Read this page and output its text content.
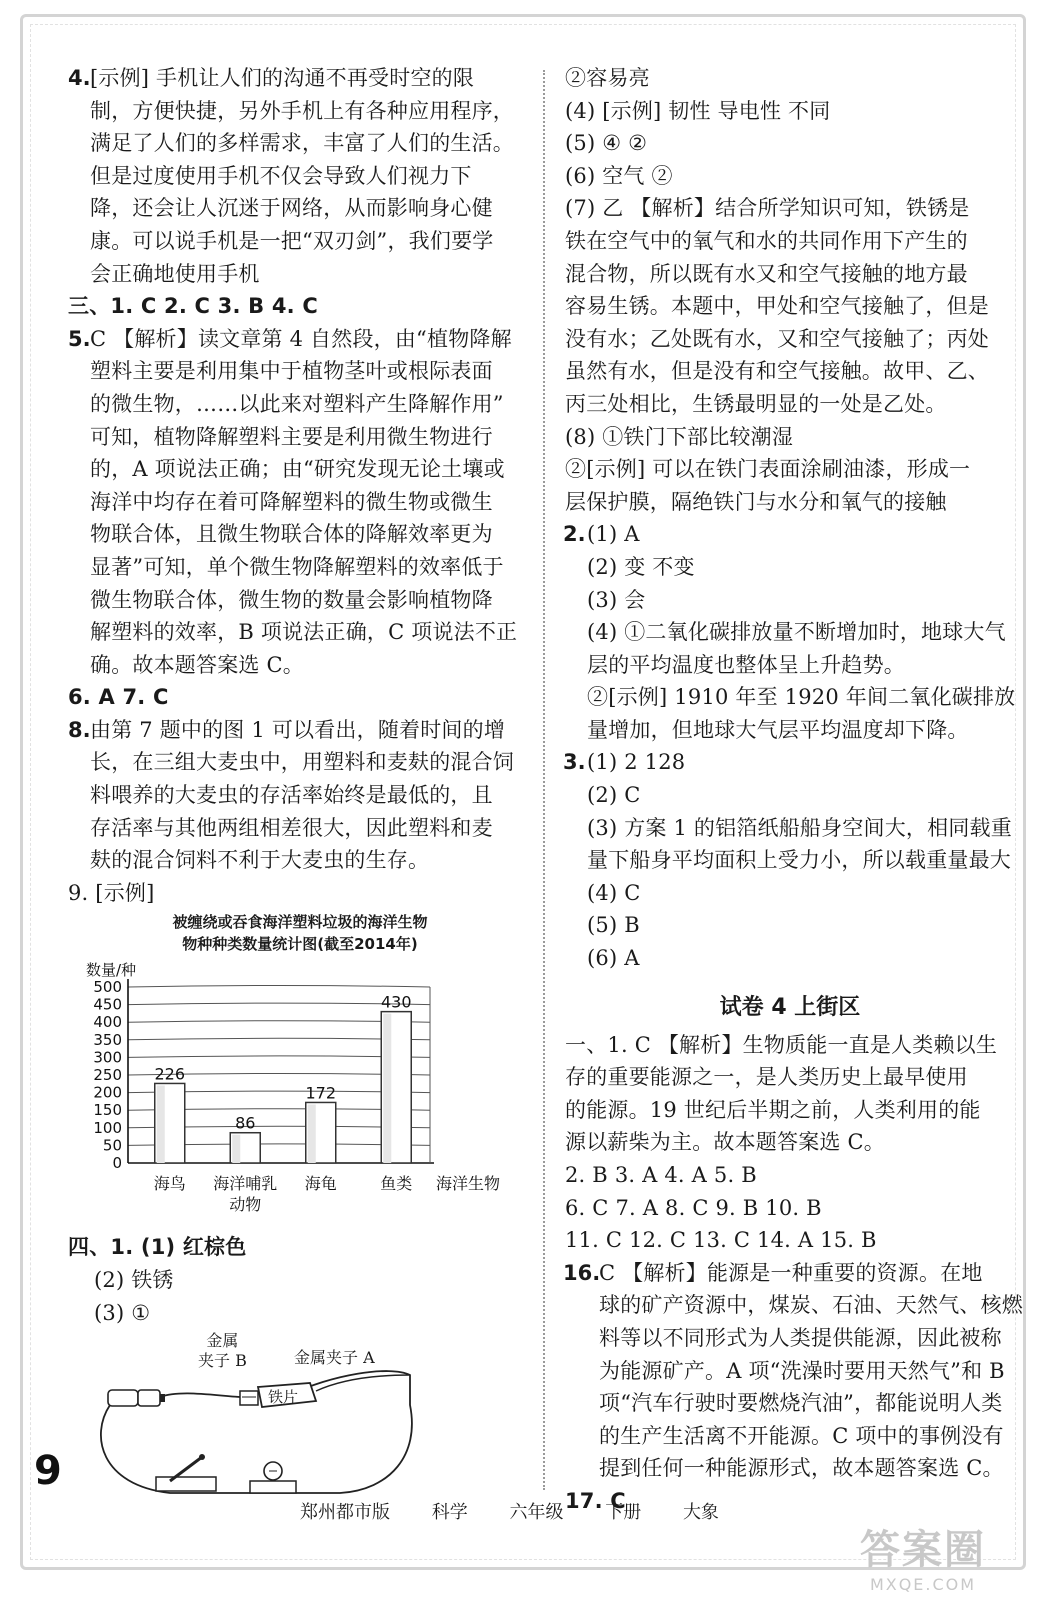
4. [示例] 手机让人们的沟通不再受时空的限
制，方便快捷，另外手机上有各种应用程序，
满足了人们的多样需求，丰富了人们的生活。
但是过度使用手机不仅会导致人们视力下
降，还会让人沉迷于网络，从而影响身心健
康。可以说手机是一把“双刃剑”，我们要学
会正确地使用手机
三、1. C 2. C 3. B 4. C
5. C 【解析】读文章第 4 自然段，由“植物降解
塑料主要是利用集中于植物茎叶或根际表面
的微生物，……以此来对塑料产生降解作用”
可知，植物降解塑料主要是利用微生物进行
的，A 项说法正确；由“研究发现无论土壤或
海洋中均存在着可降解塑料的微生物或微生
物联合体，且微生物联合体的降解效率更为
显著”可知，单个微生物降解塑料的效率低于
微生物联合体，微生物的数量会影响植物降
解塑料的效率，B 项说法正确，C 项说法不正
确。故本题答案选 C。
6. A 7. C
8. 由第 7 题中的图 1 可以看出，随着时间的增
长，在三组大麦虫中，用塑料和麦麸的混合饲
料喂养的大麦虫的存活率始终是最低的，且
存活率与其他两组相差很大，因此塑料和麦
麸的混合饲料不利于大麦虫的生存。
9. [示例]
被缠绕或吞食海洋塑料垃圾的海洋生物
物种种类数量统计图(截至2014年)
数量/种
0
50
100
150
200
250
300
350
400
450
500
226
海鸟
86
海洋哺乳
动物
172
海龟
430
鱼类 海洋生物
四、1. (1) 红棕色
(2) 铁锈
(3) ①
金属
夹子 B	金属夹子 A
铁片
②容易亮
(4) [示例] 韧性 导电性 不同
(5) ④ ②
(6) 空气 ②
(7) 乙 【解析】结合所学知识可知，铁锈是
铁在空气中的氧气和水的共同作用下产生的
混合物，所以既有水又和空气接触的地方最
容易生锈。本题中，甲处和空气接触了，但是
没有水；乙处既有水，又和空气接触了；丙处
虽然有水，但是没有和空气接触。故甲、乙、
丙三处相比，生锈最明显的一处是乙处。
(8) ①铁门下部比较潮湿
②[示例] 可以在铁门表面涂刷油漆，形成一
层保护膜，隔绝铁门与水分和氧气的接触
2. (1) A
(2) 变 不变
(3) 会
(4) ①二氧化碳排放量不断增加时，地球大气
层的平均温度也整体呈上升趋势。
②[示例] 1910 年至 1920 年间二氧化碳排放
量增加，但地球大气层平均温度却下降。
3. (1) 2 128
(2) C
(3) 方案 1 的铝箔纸船船身空间大，相同载重
量下船身平均面积上受力小，所以载重量最大
(4) C
(5) B
(6) A
试卷 4 上街区
一、1. C 【解析】生物质能一直是人类赖以生
存的重要能源之一，是人类历史上最早使用
的能源。19 世纪后半期之前，人类利用的能
源以薪柴为主。故本题答案选 C。
2. B 3. A 4. A 5. B
6. C 7. A 8. C 9. B 10. B
11. C 12. C 13. C 14. A 15. B
16.
C 【解析】能源是一种重要的资源。在地
球的矿产资源中，煤炭、石油、天然气、核燃
料等以不同形式为人类提供能源，因此被称
为能源矿产。A 项“洗澡时要用天然气”和 B
项“汽车行驶时要燃烧汽油”，都能说明人类
的生产生活离不开能源。C 项中的事例没有
提到任何一种能源形式，故本题答案选 C。
17. C
9
郑州都市版 科学 六年级 下册 大象
答案圈
MXQE.COM
